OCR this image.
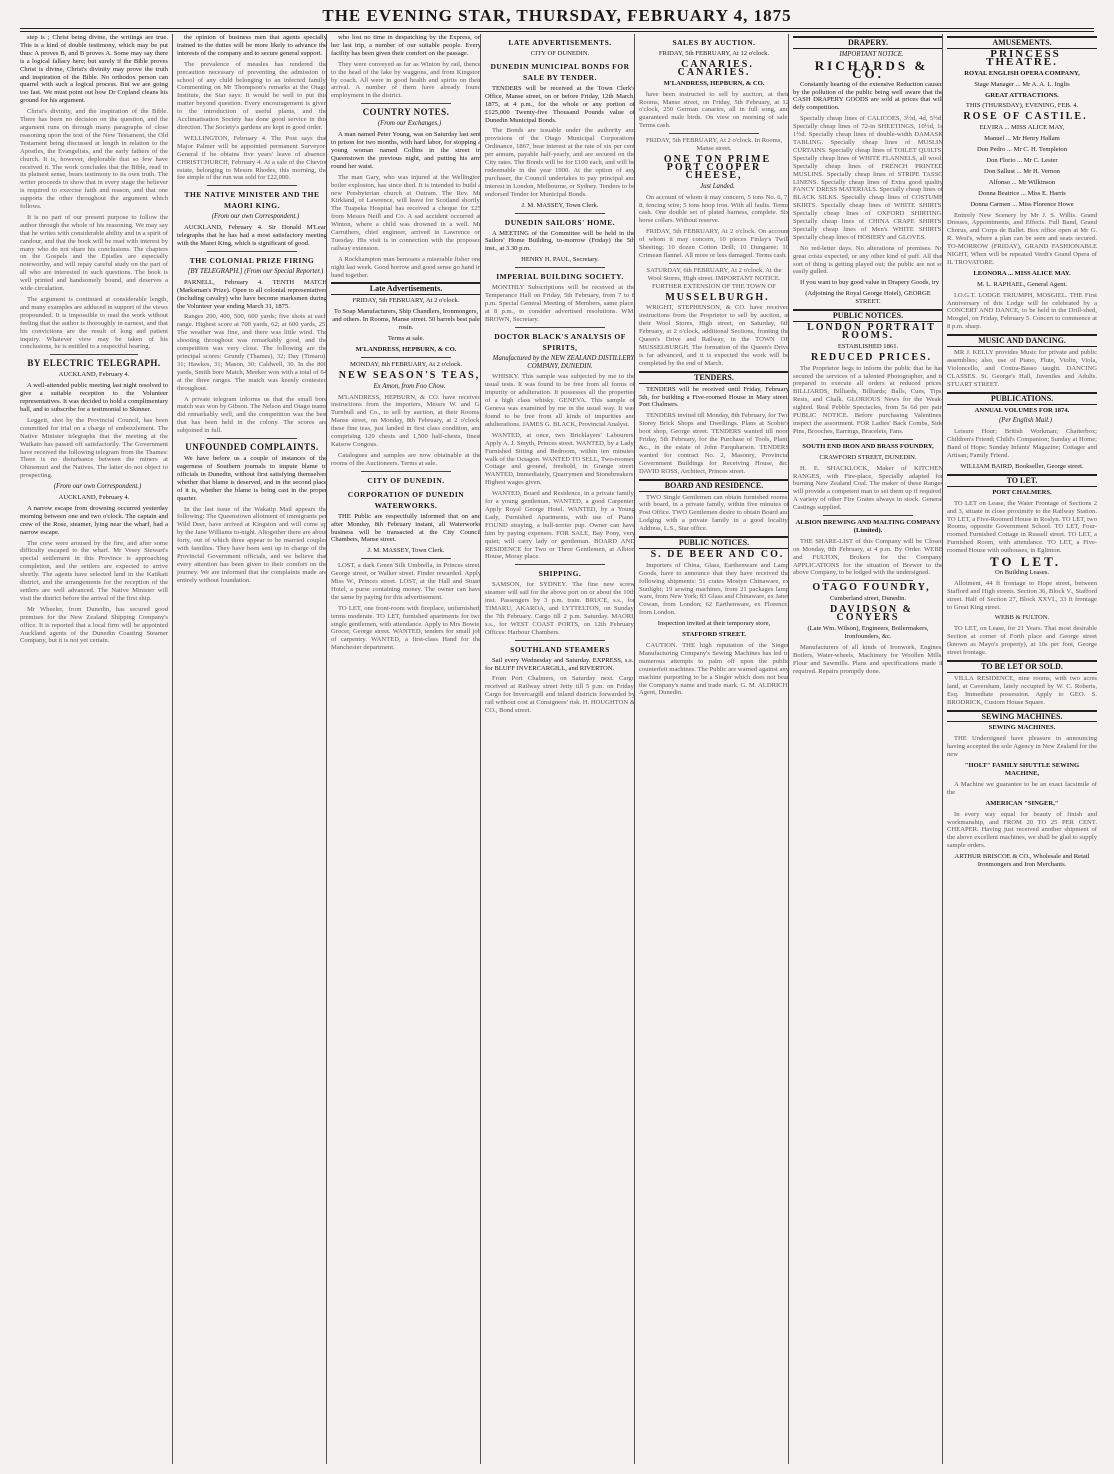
THE EVENING STAR, THURSDAY, FEBRUARY 4, 1875

step is ; Christ being divine, the writings are true. This is a kind of double testimony, which may be put thus: A proves B, and B proves A. Some may say there is a logical fallacy here; but surely if the Bible proves Christ is divine, Christ's divinity may prove the truth and inspiration of the Bible. No orthodox person can quarrel with such a logical process. But we are going too fast. We must point out how Dr Copland cleans his ground for his argument.

Christ's divinity, and the inspiration of the Bible. There has been no decision on the question, and the argument runs on through many paragraphs of close reasoning upon the text of the New Testament, the Old Testament being discussed at length in relation to the Apostles, the Evangelists, and the early fathers of the church. It is, however, deplorable that so few have received it. The work concludes that the Bible, read in its plainest sense, bears testimony to its own truth. The writer proceeds to show that in every stage the believer is required to exercise faith and reason, and that one supports the other throughout the argument which follows.

It is no part of our present purpose to follow the author through the whole of his reasoning. We may say that he writes with considerable ability and in a spirit of candour, and that the book will be read with interest by many who do not share his conclusions. The chapters on the Gospels and the Epistles are especially noteworthy, and will repay careful study on the part of all who are interested in such questions. The book is well printed and handsomely bound, and deserves a wide circulation.

The argument is continued at considerable length, and many examples are adduced in support of the views propounded. It is impossible to read the work without feeling that the author is thoroughly in earnest, and that his convictions are the result of long and patient inquiry. Whatever view may be taken of his conclusions, he is entitled to a respectful hearing.

BY ELECTRIC TELEGRAPH.

AUCKLAND, February 4.

A well-attended public meeting last night resolved to give a suitable reception to the Volunteer representatives. It was decided to hold a complimentary ball, and to subscribe for a testimonial to Skinner.

Leggett, shot by the Provincial Council, has been committed for trial on a charge of embezzlement. The Native Minister telegraphs that the meeting at the Waikato has passed off satisfactorily. The Government have received the following telegram from the Thames: There is no disturbance between the miners at Ohinemuri and the Natives. The latter do not object to prospecting.

(From our own Correspondent.)

AUCKLAND, February 4.

A narrow escape from drowning occurred yesterday morning between one and two o'clock. The captain and crew of the Rose, steamer, lying near the wharf, had a narrow escape.

The crew were aroused by the fire, and after some difficulty escaped to the wharf. Mr Vesey Stewart's special settlement in this Province is approaching completion, and the settlers are expected to arrive shortly. The agents have selected land in the Katikati district, and the arrangements for the reception of the settlers are well advanced. The Native Minister will visit the district before the arrival of the first ship.

Mr Wheeler, from Dunedin, has secured good premises for the New Zealand Shipping Company's office. It is reported that a local firm will be appointed Auckland agents of the Dunedin Coasting Steamer Company, but it is not yet certain.

the opinion of business men that agents specially trained to the duties will be more likely to advance the interests of the company and to secure general support.

The prevalence of measles has rendered the precaution necessary of preventing the admission to school of any child belonging to an infected family. Commenting on Mr Thompson's remarks at the Otago Institute, the Star says: It would be well to put this matter beyond question. Every encouragement is given to the introduction of useful plants, and the Acclimatisation Society has done good service in this direction. The Society's gardens are kept in good order.

WELLINGTON, February 4. The Post says that Major Palmer will be appointed permanent Surveyor-General if he obtains five years' leave of absence. CHRISTCHURCH, February 4. At a sale of the Cheviot estate, belonging to Messrs Rhodes, this morning, the fee simple of the run was sold for £22,000.

THE NATIVE MINISTER AND THE MAORI KING.

(From our own Correspondent.)

AUCKLAND, February 4. Sir Donald M'Lean telegraphs that he has had a most satisfactory meeting with the Maori King, which is significant of good.

THE COLONIAL PRIZE FIRING

[BY TELEGRAPH.] (From our Special Reporter.)

PARNELL, February 4. TENTH MATCH (Marksman's Prize). Open to all colonial representatives (including cavalry) who have become marksmen during the Volunteer year ending March 31, 1875.

Ranges 200, 400, 500, 600 yards; five shots at each range. Highest score at 700 yards, 62; at 600 yards, 25. The weather was fine, and there was little wind. The shooting throughout was remarkably good, and the competition was very close. The following are the principal scores: Grundy (Thames), 32; Day (Timaru), 31; Hawkes, 31; Mason, 30; Caldwell, 30. In the 800 yards, Smith bore Match, Meeker won with a total of 64 at the three ranges. The match was keenly contested throughout.

A private telegram informs us that the small bore match was won by Gibson. The Nelson and Otago teams did remarkably well, and the competition was the best that has been held in the colony. The scores are subjoined in full.

UNFOUNDED COMPLAINTS.

We have before us a couple of instances of the eagerness of Southern journals to impute blame to officials in Dunedin, without first satisfying themselves whether that blame is deserved, and in the second place of it is, whether the blame is being cast in the proper quarter.

In the last issue of the Wakatip Mail appears the following: The Queenstown allotment of immigrants per Wild Deer, have arrived at Kingston and will come up by the Jane Williams to-night. Altogether there are about forty, out of which three appear to be married couples with families. They have been sent up in charge of the Provincial Government officials, and we believe that every attention has been given to their comfort on the journey. We are informed that the complaints made are entirely without foundation.

who lost no time in despatching by the Express, on her last trip, a number of our suitable people. Every facility has been given their comfort on the passage.

They were conveyed as far as Winton by rail, thence to the head of the lake by waggons, and from Kingston by coach. All were in good health and spirits on their arrival. A number of them have already found employment in the district.

COUNTRY NOTES.

(From our Exchanges.)

A man named Peter Young, was on Saturday last sent to prison for two months, with hard labor, for stopping a young woman named Collins in the street in Queenstown the previous night, and putting his arm round her waist.

The man Gary, who was injured at the Wellington boiler explosion, has since died. It is intended to build a new Presbyterian church at Outram. The Rev. Mr Kirkland, of Lawrence, will leave for Scotland shortly. The Tuapeka Hospital has received a cheque for £25 from Messrs Neill and Co. A sad accident occurred at Winton, where a child was drowned in a well. Mr Carruthers, chief engineer, arrived in Lawrence on Tuesday. His visit is in connection with the proposed railway extension.

A Rockhampton man bemoans a miserable fisher one night last week. Good horrow and good sense go hand in hand together.

Late Advertisements.

FRIDAY, 5th FEBRUARY, At 2 o'clock.

To Soap Manufacturers, Ship Chandlers, Ironmongers, and others. In Rooms, Manse street. 50 barrels best pale rosin.

Terms at sale.

M'LANDRESS, HEPBURN, & CO.

MONDAY, 8th FEBRUARY, At 2 o'clock.

NEW SEASON'S TEAS,

Ex Amon, from Foo Chow.

M'LANDRESS, HEPBURN, & CO. have received instructions from the importers, Messrs W. and G. Turnbull and Co., to sell by auction, at their Rooms, Manse street, on Monday, 8th February, at 2 o'clock, these fine teas, just landed in first class condition, and comprising 129 chests and 1,500 half-chests, finest Kaisow Congous.

Catalogues and samples are now obtainable at the rooms of the Auctioneers. Terms at sale.

CITY OF DUNEDIN.
CORPORATION OF DUNEDIN WATERWORKS.

THE Public are respectfully informed that on and after Monday, 8th February instant, all Waterworks business will be transacted at the City Council Chambers, Manse street.

J. M. MASSEY, Town Clerk.

LOST, a dark Green Silk Umbrella, in Princes street, George street, or Walker street. Finder rewarded. Apply Miss W., Princes street. LOST, at the Hall and Stuart Hotel, a purse containing money. The owner can have the same by paying for this advertisement.

TO LET, one front-room with fireplace, unfurnished; terms moderate. TO LET, furnished apartments for two single gentlemen, with attendance. Apply to Mrs Bowie, Grocer, George street. WANTED, tenders for small job of carpentry. WANTED, a first-class Hand for the Manchester department.

LATE ADVERTISEMENTS.

CITY OF DUNEDIN.

DUNEDIN MUNICIPAL BONDS FOR SALE BY TENDER.

TENDERS will be received at the Town Clerk's Office, Manse street, on or before Friday, 12th March, 1875, at 4 p.m., for the whole or any portion of £125,000 Twenty-five Thousand Pounds value of Dunedin Municipal Bonds.

The Bonds are issuable under the authority and provisions of the Otago Municipal Corporations Ordinance, 1867, bear interest at the rate of six per cent per annum, payable half-yearly, and are secured on the City rates. The Bonds will be for £100 each, and will be redeemable in the year 1900. At the option of any purchaser, the Council undertakes to pay principal and interest in London, Melbourne, or Sydney. Tenders to be endorsed Tender for Municipal Bonds.

J. M. MASSEY, Town Clerk.

DUNEDIN SAILORS' HOME.

A MEETING of the Committee will be held in the Sailors' Home Building, to-morrow (Friday) the 5th inst., at 3.30 p.m.

HENRY H. PAUL, Secretary.

IMPERIAL BUILDING SOCIETY.

MONTHLY Subscriptions will be received at the Temperance Hall on Friday, 5th February, from 7 to 8 p.m. Special General Meeting of Members, same place, at 8 p.m., to consider advertised resolutions. WM. BROWN, Secretary.

DOCTOR BLACK'S ANALYSIS OF SPIRITS,

Manufactured by the NEW ZEALAND DISTILLERY COMPANY, DUNEDIN.

WHISKY. This sample was subjected by me to the usual tests. It was found to be free from all forms of impurity or adulteration. It possesses all the properties of a high class whisky. GENEVA. This sample of Geneva was examined by me in the usual way. It was found to be free from all kinds of impurities and adulterations. JAMES G. BLACK, Provincial Analyst.

WANTED, at once, two Bricklayers' Labourers. Apply A. J. Smyth, Princes street. WANTED, by a Lady, Furnished Sitting and Bedroom, within ten minutes' walk of the Octagon. WANTED TO SELL, Two-roomed Cottage and ground, freehold, in Grange street. WANTED, Immediately, Quarrymen and Stonebreakers. Highest wages given.

WANTED, Board and Residence, in a private family, for a young gentleman. WANTED, a good Carpenter. Apply Royal George Hotel. WANTED, by a Young Lady, Furnished Apartments, with use of Piano. FOUND straying, a bull-terrier pup. Owner can have him by paying expenses. FOR SALE, Bay Pony, very quiet; will carry lady or gentleman. BOARD AND RESIDENCE for Two or Three Gentlemen, at Albion House, Moray place.

SHIPPING.

SAMSON, for SYDNEY. The fine new screw steamer will sail for the above port on or about the 10th inst. Passengers by 3 p.m. train. BRUCE, s.s., for TIMARU, AKAROA, and LYTTELTON, on Sunday, the 7th February. Cargo till 2 p.m. Saturday. MAORI, s.s., for WEST COAST PORTS, on 12th February. Offices: Harbour Chambers.

SOUTHLAND STEAMERS

Sail every Wednesday and Saturday. EXPRESS, s.s., for BLUFF INVERCARGILL, and RIVERTON.

From Port Chalmers, on Saturday next. Cargo received at Railway street Jetty till 5 p.m. on Friday. Cargo for Invercargill and inland districts forwarded by rail without cost at Consignees' risk. H. HOUGHTON & CO., Bond street.

SALES BY AUCTION.

FRIDAY, 5th FEBRUARY, At 12 o'clock.

CANARIES. CANARIES.

M'LANDRESS, HEPBURN, & CO.

have been instructed to sell by auction, at their Rooms, Manse street, on Friday, 5th February, at 12 o'clock, 250 German canaries, all in full song, and guaranteed male birds. On view on morning of sale. Terms cash.

FRIDAY, 5th FEBRUARY, At 2 o'clock. In Rooms, Manse street.

ONE TON PRIME PORT COOPER CHEESE,

Just Landed.

On account of whom it may concern, 5 tons No. 6, 7, 8, fencing wire; 5 tons hoop iron. With all faults. Terms cash. One double set of plated harness, complete. Six horse collars. Without reserve.

FRIDAY, 5th FEBRUARY, At 2 o'clock. On account of whom it may concern, 10 pieces Finlay's Twill Sheeting; 10 dozen Cotton Drill; 10 Dungaree; 10 Crimean flannel. All more or less damaged. Terms cash.

SATURDAY, 6th FEBRUARY, At 2 o'clock. At the Wool Stores, High street. IMPORTANT NOTICE. FURTHER EXTENSION OF THE TOWN OF

MUSSELBURGH.

WRIGHT, STEPHENSON, & CO. have received instructions from the Proprietor to sell by auction, at their Wool Stores, High street, on Saturday, 6th February, at 2 o'clock, additional Sections, fronting the Queen's Drive and Railway, in the TOWN OF MUSSELBURGH. The formation of the Queen's Drive is far advanced, and it is expected the work will be completed by the end of March.

TENDERS.

TENDERS will be received until Friday, February 5th, for building a Five-roomed House in Mary street, Port Chalmers.

TENDERS invited till Monday, 8th February, for Two Storey Brick Shops and Dwellings. Plans at Scobie's boot shop, George street. TENDERS wanted till noon Friday, 5th February, for the Purchase of Tools, Plant, &c., in the estate of John Farquharson. TENDERS wanted for contract No. 2, Masonry, Provincial Government Buildings for Receiving House, &c. DAVID ROSS, Architect, Princes street.

BOARD AND RESIDENCE.

TWO Single Gentlemen can obtain furnished rooms, with board, in a private family, within five minutes of Post Office. TWO Gentlemen desire to obtain Board and Lodging with a private family in a good locality. Address, L.S., Star office.

PUBLIC NOTICES.

S. DE BEER AND CO.

Importers of China, Glass, Earthenware and Lamp Goods, have to announce that they have received the following shipments: 51 crates Mostyn Chinaware, ex Sunlight; 19 sewing machines, from 21 packages lamp ware, from New York; 83 Glass and Chinaware, ex Janet Cowan, from London; 62 Earthenware, ex Florence, from London.

Inspection invited at their temporary store,

STAFFORD STREET.

CAUTION. THE high reputation of the Singer Manufacturing Company's Sewing Machines has led to numerous attempts to palm off upon the public counterfeit machines. The Public are warned against any machine purporting to be a Singer which does not bear the Company's name and trade mark. G. M. ALDRICH, Agent, Dunedin.

DRAPERY.

IMPORTANT NOTICE.

RICHARDS & CO.

Constantly hearing of the extensive Reduction caused by the pollution of the public being well aware that the CASH DRAPERY GOODS are sold at prices that will defy competition.

Specially cheap lines of CALICOES, 3½d, 4d, 5½d. Specially cheap lines of 72-in SHEETINGS, 10½d, 1s 1½d. Specially cheap lines of double-width DAMASK TABLING. Specially cheap lines of MUSLIN CURTAINS. Specially cheap lines of TOILET QUILTS. Specially cheap lines of WHITE FLANNELS, all wool. Specially cheap lines of FRENCH PRINTED MUSLINS. Specially cheap lines of STRIPE TASSO LINENS. Specially cheap lines of Extra good quality FANCY DRESS MATERIALS. Specially cheap lines of BLACK SILKS. Specially cheap lines of COSTUME SKIRTS. Specially cheap lines of WHITE SHIRTS. Specially cheap lines of OXFORD SHIRTING. Specially cheap lines of CHINA CRAPE SHIRTS. Specially cheap lines of Men's WHITE SHIRTS. Specially cheap lines of HOSIERY and GLOVES.

No red-letter days. No alterations of premises. No great crisis expected, or any other kind of puff. All that sort of thing is getting played out; the public are not so easily gulled.

If you want to buy good value in Drapery Goods, try

(Adjoining the Royal George Hotel), GEORGE STREET.

PUBLIC NOTICES.

LONDON PORTRAIT ROOMS.

ESTABLISHED 1861.

REDUCED PRICES.

The Proprietor begs to inform the public that he has secured the services of a talented Photographer, and is prepared to execute all orders at reduced prices. BILLIARDS, Billiards, Billiards; Balls, Cues, Tips, Rests, and Chalk. GLORIOUS News for the Weak-sighted. Real Pebble Spectacles, from 5s 6d per pair. PUBLIC NOTICE. Before purchasing Valentines, inspect the assortment. FOR Ladies' Back Combs, Side Pins, Brooches, Earrings, Bracelets, Fans.

SOUTH END IRON AND BRASS FOUNDRY,

CRAWFORD STREET, DUNEDIN.

H. E. SHACKLOCK, Maker of KITCHEN RANGES, with Fire-place, Specially adapted for burning New Zealand Coal. The maker of these Ranges will provide a competent man to set them up if required. A variety of other Fire Grates always in stock. General Castings supplied.

ALBION BREWING AND MALTING COMPANY (Limited).

THE SHARE-LIST of this Company will be Closed on Monday, 8th February, at 4 p.m. By Order. WEBB and FULTON, Brokers for the Company. APPLICATIONS for the situation of Brewer to the above Company, to be lodged with the undersigned.

OTAGO FOUNDRY,

Cumberland street, Dunedin.

DAVIDSON & CONYERS

(Late Wm. Wilson), Engineers, Boilermakers, Ironfounders, &c.

Manufacturers of all kinds of Ironwork, Engines, Boilers, Water-wheels, Machinery for Woollen Mills, Flour and Sawmills. Plans and specifications made if required. Repairs promptly done.

AMUSEMENTS.

PRINCESS THEATRE.

ROYAL ENGLISH OPERA COMPANY,

Stage Manager ... Mr A. A. L. Inglis

GREAT ATTRACTIONS.

THIS (THURSDAY), EVENING, FEB. 4.

ROSE OF CASTILE.

ELVIRA ... MISS ALICE MAY,

Manuel ... Mr Henry Hallam

Don Pedro ... Mr C. H. Templeton

Don Florio ... Mr C. Lester

Don Sallust ... Mr H. Vernon

Alfonso ... Mr Wilkinson

Donna Beatrice ... Miss E. Harris

Donna Carmen ... Miss Florence Howe

Entirely New Scenery by Mr J. S. Willis. Grand Dresses, Appointments, and Effects. Full Band, Grand Chorus, and Corps de Ballet. Box office open at Mr G. R. West's, where a plan can be seen and seats secured. TO-MORROW (FRIDAY), GRAND FASHIONABLE NIGHT, When will be repeated Verdi's Grand Opera of IL TROVATORE.

LEONORA ... MISS ALICE MAY.

M. L. RAPHAEL, General Agent.

I.O.G.T. LODGE TRIUMPH, MOSGIEL. THE First Anniversary of this Lodge will be celebrated by a CONCERT AND DANCE, to be held in the Drill-shed, Mosgiel, on Friday, February 5. Concert to commence at 8 p.m. sharp.

MUSIC AND DANCING.

MR J. KELLY provides Music for private and public assemblies; also, use of Piano, Flute, Violin, Viola, Violoncello, and Contra-Basso taught. DANCING CLASSES. St. George's Hall, Juveniles and Adults. STUART STREET.

PUBLICATIONS.

ANNUAL VOLUMES FOR 1874.

(Per English Mail.)

Leisure Hour; British Workman; Chatterbox; Children's Friend; Child's Companion; Sunday at Home; Band of Hope; Sunday Infants' Magazine; Cottager and Artisan; Family Friend.

WILLIAM BAIRD, Bookseller, George street.

TO LET.

PORT CHALMERS.

TO LET on Lease, the Water Frontage of Sections 2 and 3, situate in close proximity to the Railway Station. TO LET, a Five-Roomed House in Roslyn. TO LET, two Rooms, opposite Government School. TO LET, Four-roomed Furnished Cottage in Russell street. TO LET, a Furnished Room, with attendance. TO LET, a Five-roomed House with outhouses, in Eglinton.

TO LET.

On Building Leases.

Allotment, 44 ft frontage to Hope street, between Stafford and High streets. Section 36, Block V., Stafford street. Half of Section 27, Block XXVI., 33 ft frontage to Great King street.

WEBB & FULTON.

TO LET, on Lease, for 21 Years. That most desirable Section at corner of Forth place and George street (known as Mayo's property), at 10s per foot, George street frontage.

TO BE LET OR SOLD.

VILLA RESIDENCE, nine rooms, with two acres land, at Caversham, lately occupied by W. C. Roberts, Esq. Immediate possession. Apply to GEO. S. BRODRICK, Custom House Square.

SEWING MACHINES.

SEWING MACHINES.

THE Undersigned have pleasure in announcing having accepted the sole Agency in New Zealand for the new

"HOLT" FAMILY SHUTTLE SEWING MACHINE,

A Machine we guarantee to be an exact facsimile of the

AMERICAN "SINGER,"

In every way equal for beauty of finish and workmanship, and FROM 20 TO 25 PER CENT. CHEAPER. Having just received another shipment of the above excellent machines, we shall be glad to supply sample orders.

ARTHUR BRISCOE & CO., Wholesale and Retail Ironmongers and Iron Merchants.
